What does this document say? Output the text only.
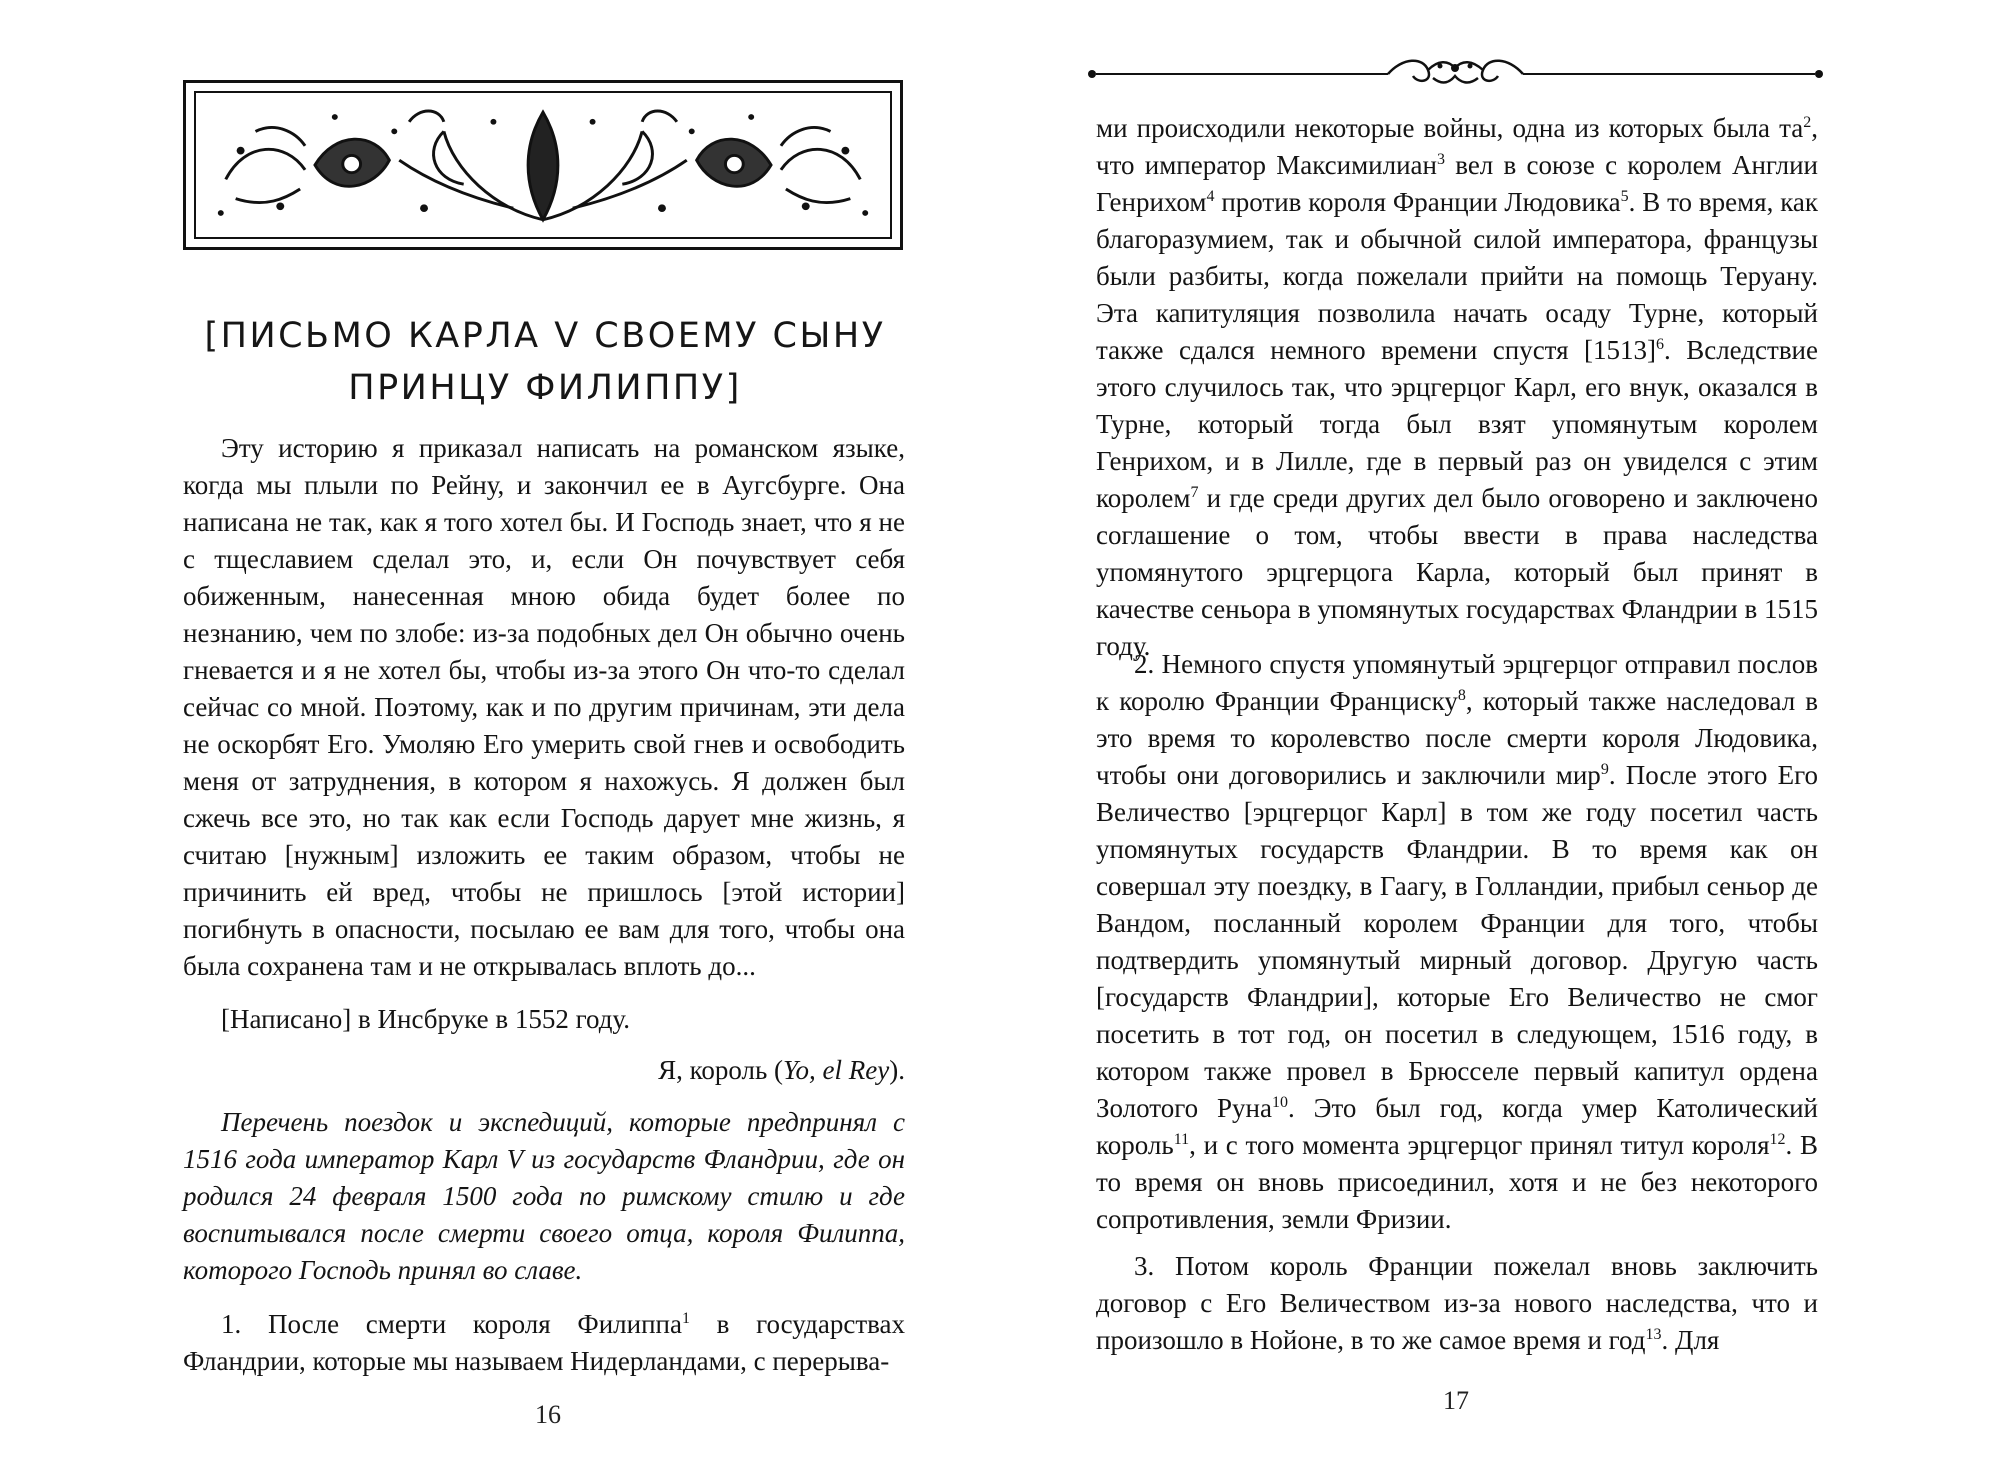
[ПИСЬМО КАРЛА V СВОЕМУ СЫНУ
ПРИНЦУ ФИЛИППУ]

Эту историю я приказал написать на романском языке, когда мы плыли по Рейну, и закончил ее в Аугсбурге. Она написана не так, как я того хотел бы. И Господь знает, что я не с тщеславием сделал это, и, если Он почувствует себя обиженным, нанесенная мною обида будет более по незнанию, чем по злобе: из-за подобных дел Он обычно очень гневается и я не хотел бы, чтобы из-за этого Он что-то сделал сейчас со мной. Поэтому, как и по другим причинам, эти дела не оскорбят Его. Умоляю Его умерить свой гнев и освободить меня от затруднения, в котором я нахожусь. Я должен был сжечь все это, но так как если Господь дарует мне жизнь, я считаю [нужным] изложить ее таким образом, чтобы не причинить ей вред, чтобы не пришлось [этой истории] погибнуть в опасности, посылаю ее вам для того, чтобы она была сохранена там и не открывалась вплоть до...

[Написано] в Инсбруке в 1552 году.

Я, король (Yo, el Rey).

Перечень поездок и экспедиций, которые предпринял с 1516 года император Карл V из государств Фландрии, где он родился 24 февраля 1500 года по римскому стилю и где воспитывался после смерти своего отца, короля Филиппа, которого Господь принял во славе.

1. После смерти короля Филиппа$^1$ в государствах Фландрии, которые мы называем Нидерландами, с перерыва-

16

ми происходили некоторые войны, одна из которых была $та^2$, что император Максимилиан$^3$ вел в союзе с королем Англии Генрихом$^4$ против короля Франции Людовика$^5$. В то время, как благоразумием, так и обычной силой императора, французы были разбиты, когда пожелали прийти на помощь Теруану. Эта капитуляция позволила начать осаду Турне, который также сдался немного времени спустя $[1513]^6$. Вследствие этого случилось так, что эрцгерцог Карл, его внук, оказался в Турне, который тогда был взят упомянутым королем Генрихом, и в Лилле, где в первый раз он увиделся с этим королем$^7$ и где среди других дел было оговорено и заключено соглашение о том, чтобы ввести в права наследства упомянутого эрцгерцога Карла, который был принят в качестве сеньора в упомянутых государствах Фландрии в 1515 году.

2. Немного спустя упомянутый эрцгерцог отправил послов к королю Франции Франциску$^8$, который также наследовал в это время то королевство после смерти короля Людовика, чтобы они договорились и заключили мир$^9$. После этого Его Величество [эрцгерцог Карл] в том же году посетил часть упомянутых государств Фландрии. В то время как он совершал эту поездку, в Гаагу, в Голландии, прибыл сеньор де Вандом, посланный королем Франции для того, чтобы подтвердить упомянутый мирный договор. Другую часть [государств Фландрии], которые Его Величество не смог посетить в тот год, он посетил в следующем, 1516 году, в котором также провел в Брюсселе первый капитул ордена Золотого Руна$^{10}$. Это был год, когда умер Католический король$^{11}$, и с того момента эрцгерцог принял титул короля$^{12}$. В то время он вновь присоединил, хотя и не без некоторого сопротивления, земли Фризии.

3. Потом король Франции пожелал вновь заключить договор с Его Величеством из-за нового наследства, что и произошло в Нойоне, в то же самое время и год$^{13}$. Для

17
